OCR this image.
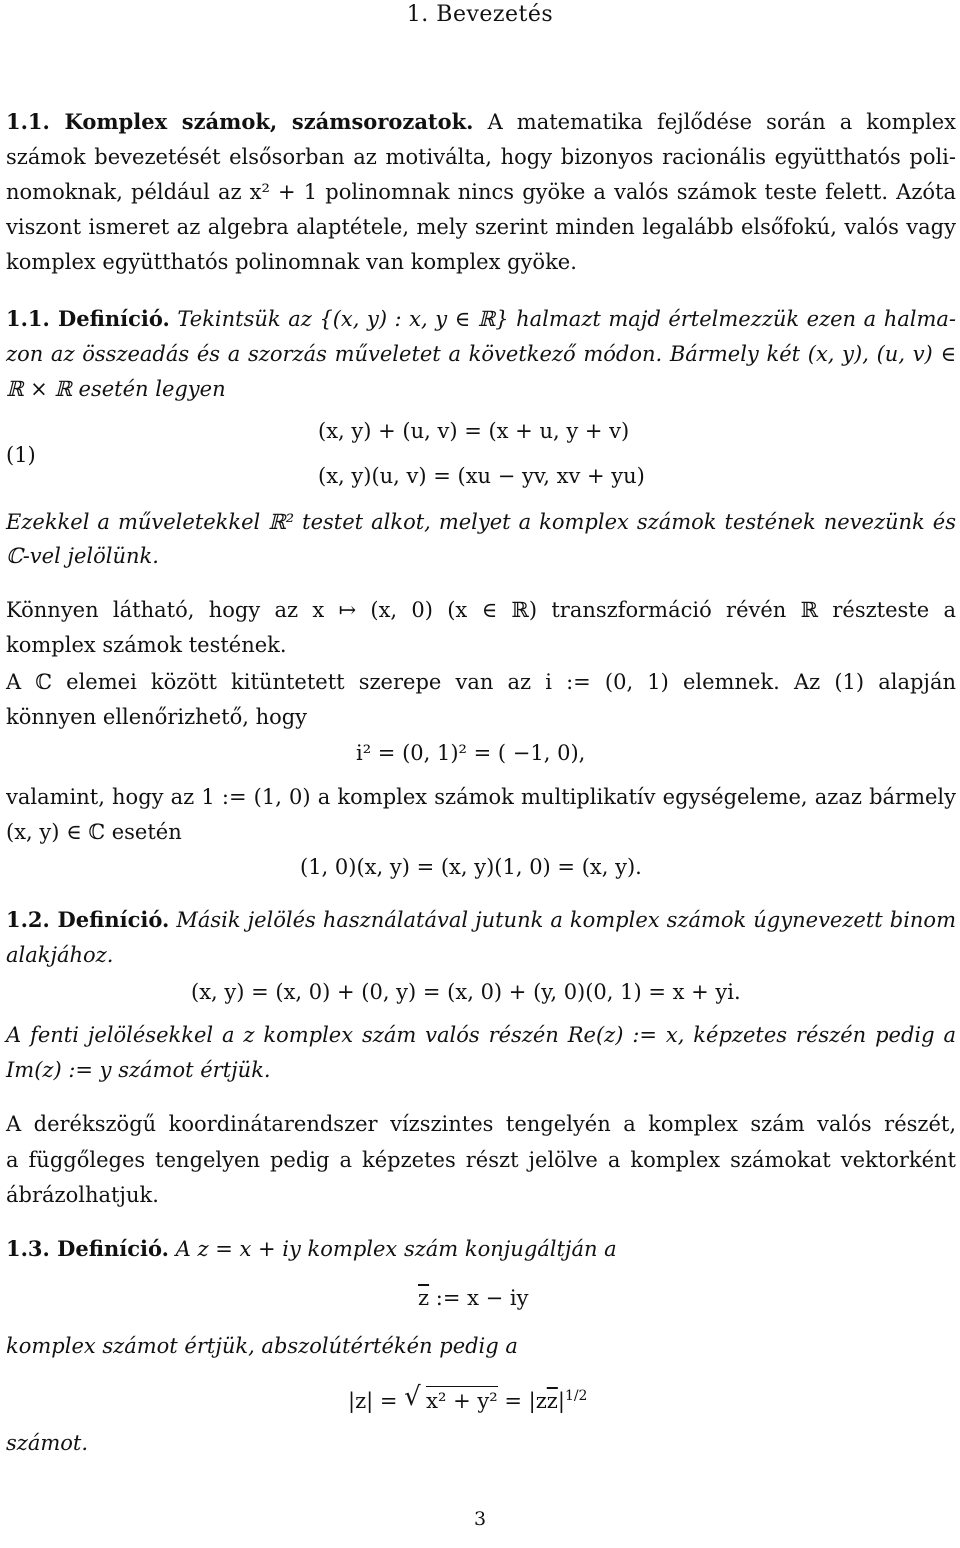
1. Bevezetés
1.1. Komplex számok, számsorozatok. A matematika fejlődése során a komplex
számok bevezetését elsősorban az motiválta, hogy bizonyos racionális együtthatós poli-
nomoknak, például az x² + 1 polinomnak nincs gyöke a valós számok teste felett. Azóta
viszont ismeret az algebra alaptétele, mely szerint minden legalább elsőfokú, valós vagy
komplex együtthatós polinomnak van komplex gyöke.
1.1. Definíció. Tekintsük az {(x, y) : x, y ∈ ℝ} halmazt majd értelmezzük ezen a halma-
zon az összeadás és a szorzás műveletet a következő módon. Bármely két (x, y), (u, v) ∈
ℝ × ℝ esetén legyen
(1)
(x, y) + (u, v) = (x + u, y + v)
(x, y)(u, v) = (xu − yv, xv + yu)
Ezekkel a műveletekkel ℝ² testet alkot, melyet a komplex számok testének nevezünk és
ℂ-vel jelölünk.
Könnyen látható, hogy az x ↦ (x, 0) (x ∈ ℝ) transzformáció révén ℝ részteste a
komplex számok testének.
A ℂ elemei között kitüntetett szerepe van az i := (0, 1) elemnek. Az (1) alapján
könnyen ellenőrizhető, hogy
i² = (0, 1)² = ( −1, 0),
valamint, hogy az 1 := (1, 0) a komplex számok multiplikatív egységeleme, azaz bármely
(x, y) ∈ ℂ esetén
(1, 0)(x, y) = (x, y)(1, 0) = (x, y).
1.2. Definíció. Másik jelölés használatával jutunk a komplex számok úgynevezett binom
alakjához.
(x, y) = (x, 0) + (0, y) = (x, 0) + (y, 0)(0, 1) = x + yi.
A fenti jelölésekkel a z komplex szám valós részén Re(z) := x, képzetes részén pedig a
Im(z) := y számot értjük.
A derékszögű koordinátarendszer vízszintes tengelyén a komplex szám valós részét,
a függőleges tengelyen pedig a képzetes részt jelölve a komplex számokat vektorként
ábrázolhatjuk.
1.3. Definíció. A z = x + iy komplex szám konjugáltján a
$\overline{z}$ := x − iy
komplex számot értjük, abszolútértékén pedig a
|z| = √ $x^2 + y^2 = |z\overline{z}|^{1/2}$
számot.
3
